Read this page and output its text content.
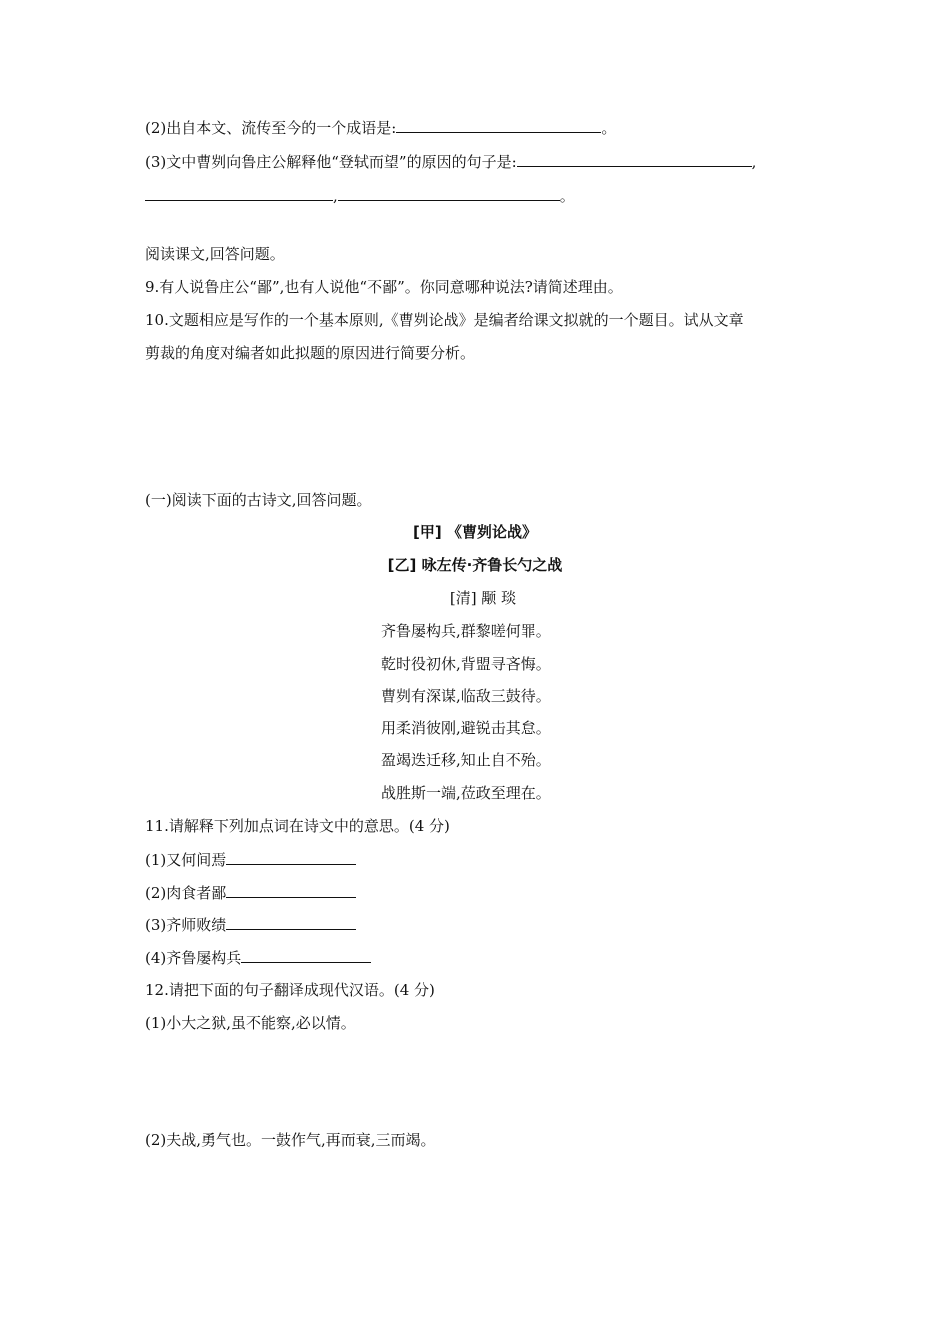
(2)出自本文、流传至今的一个成语是:	。
(3)文中曹刿向鲁庄公解释他“登轼而望”的原因的句子是:	,
,	。
阅读课文,回答问题。
9.有人说鲁庄公“鄙”,也有人说他“不鄙”。你同意哪种说法?请简述理由。
10.文题相应是写作的一个基本原则,《曹刿论战》是编者给课文拟就的一个题目。试从文章
剪裁的角度对编者如此拟题的原因进行简要分析。
(一)阅读下面的古诗文,回答问题。
[甲] 《曹刿论战》
[乙] 咏左传·齐鲁长勺之战
[清] 颙 琰
齐鲁屡构兵,群黎嗟何罪。
乾时役初休,背盟寻吝悔。
曹刿有深谋,临敌三鼓待。
用柔消彼刚,避锐击其怠。
盈竭迭迁移,知止自不殆。
战胜斯一端,莅政至理在。
11.请解释下列加点词在诗文中的意思。(4 分)
(1)又何间焉
(2)肉食者鄙
(3)齐师败绩
(4)齐鲁屡构兵
12.请把下面的句子翻译成现代汉语。(4 分)
(1)小大之狱,虽不能察,必以情。
(2)夫战,勇气也。一鼓作气,再而衰,三而竭。
